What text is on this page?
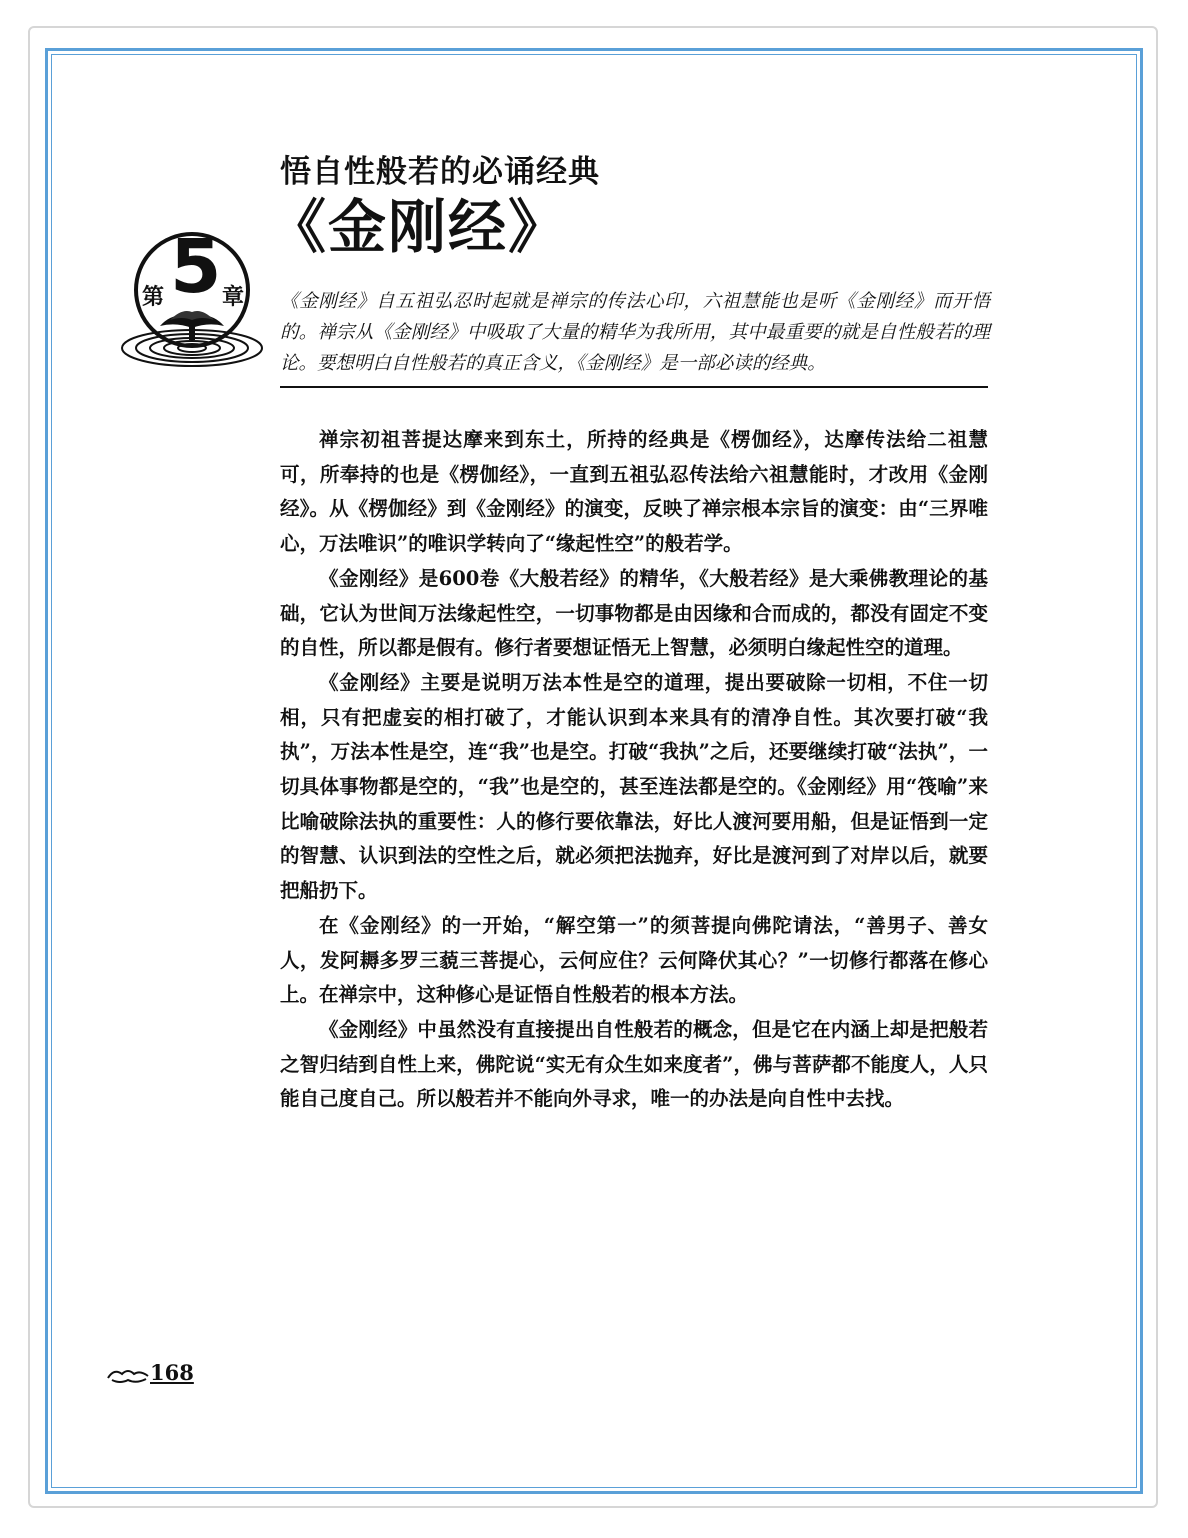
悟自性般若的必诵经典
《金刚经》
第 5 章 《金刚经》自五祖弘忍时起就是禅宗的传法心印，六祖慧能也是听《金刚经》而开悟的。禅宗从《金刚经》中吸取了大量的精华为我所用，其中最重要的就是自性般若的理论。要想明白自性般若的真正含义，《金刚经》是一部必读的经典。

禅宗初祖菩提达摩来到东土，所持的经典是《楞伽经》，达摩传法给二祖慧可，所奉持的也是《楞伽经》，一直到五祖弘忍传法给六祖慧能时，才改用《金刚经》。从《楞伽经》到《金刚经》的演变，反映了禅宗根本宗旨的演变：由“三界唯心，万法唯识”的唯识学转向了“缘起性空”的般若学。

《金刚经》是600卷《大般若经》的精华，《大般若经》是大乘佛教理论的基础，它认为世间万法缘起性空，一切事物都是由因缘和合而成的，都没有固定不变的自性，所以都是假有。修行者要想证悟无上智慧，必须明白缘起性空的道理。

《金刚经》主要是说明万法本性是空的道理，提出要破除一切相，不住一切相，只有把虚妄的相打破了，才能认识到本来具有的清净自性。其次要打破“我执”，万法本性是空，连“我”也是空。打破“我执”之后，还要继续打破“法执”，一切具体事物都是空的，“我”也是空的，甚至连法都是空的。《金刚经》用“筏喻”来比喻破除法执的重要性：人的修行要依靠法，好比人渡河要用船，但是证悟到一定的智慧、认识到法的空性之后，就必须把法抛弃，好比是渡河到了对岸以后，就要把船扔下。

在《金刚经》的一开始，“解空第一”的须菩提向佛陀请法，“善男子、善女人，发阿耨多罗三藐三菩提心，云何应住？云何降伏其心？”一切修行都落在修心上。在禅宗中，这种修心是证悟自性般若的根本方法。

《金刚经》中虽然没有直接提出自性般若的概念，但是它在内涵上却是把般若之智归结到自性上来，佛陀说“实无有众生如来度者”，佛与菩萨都不能度人，人只能自己度自己。所以般若并不能向外寻求，唯一的办法是向自性中去找。

168
